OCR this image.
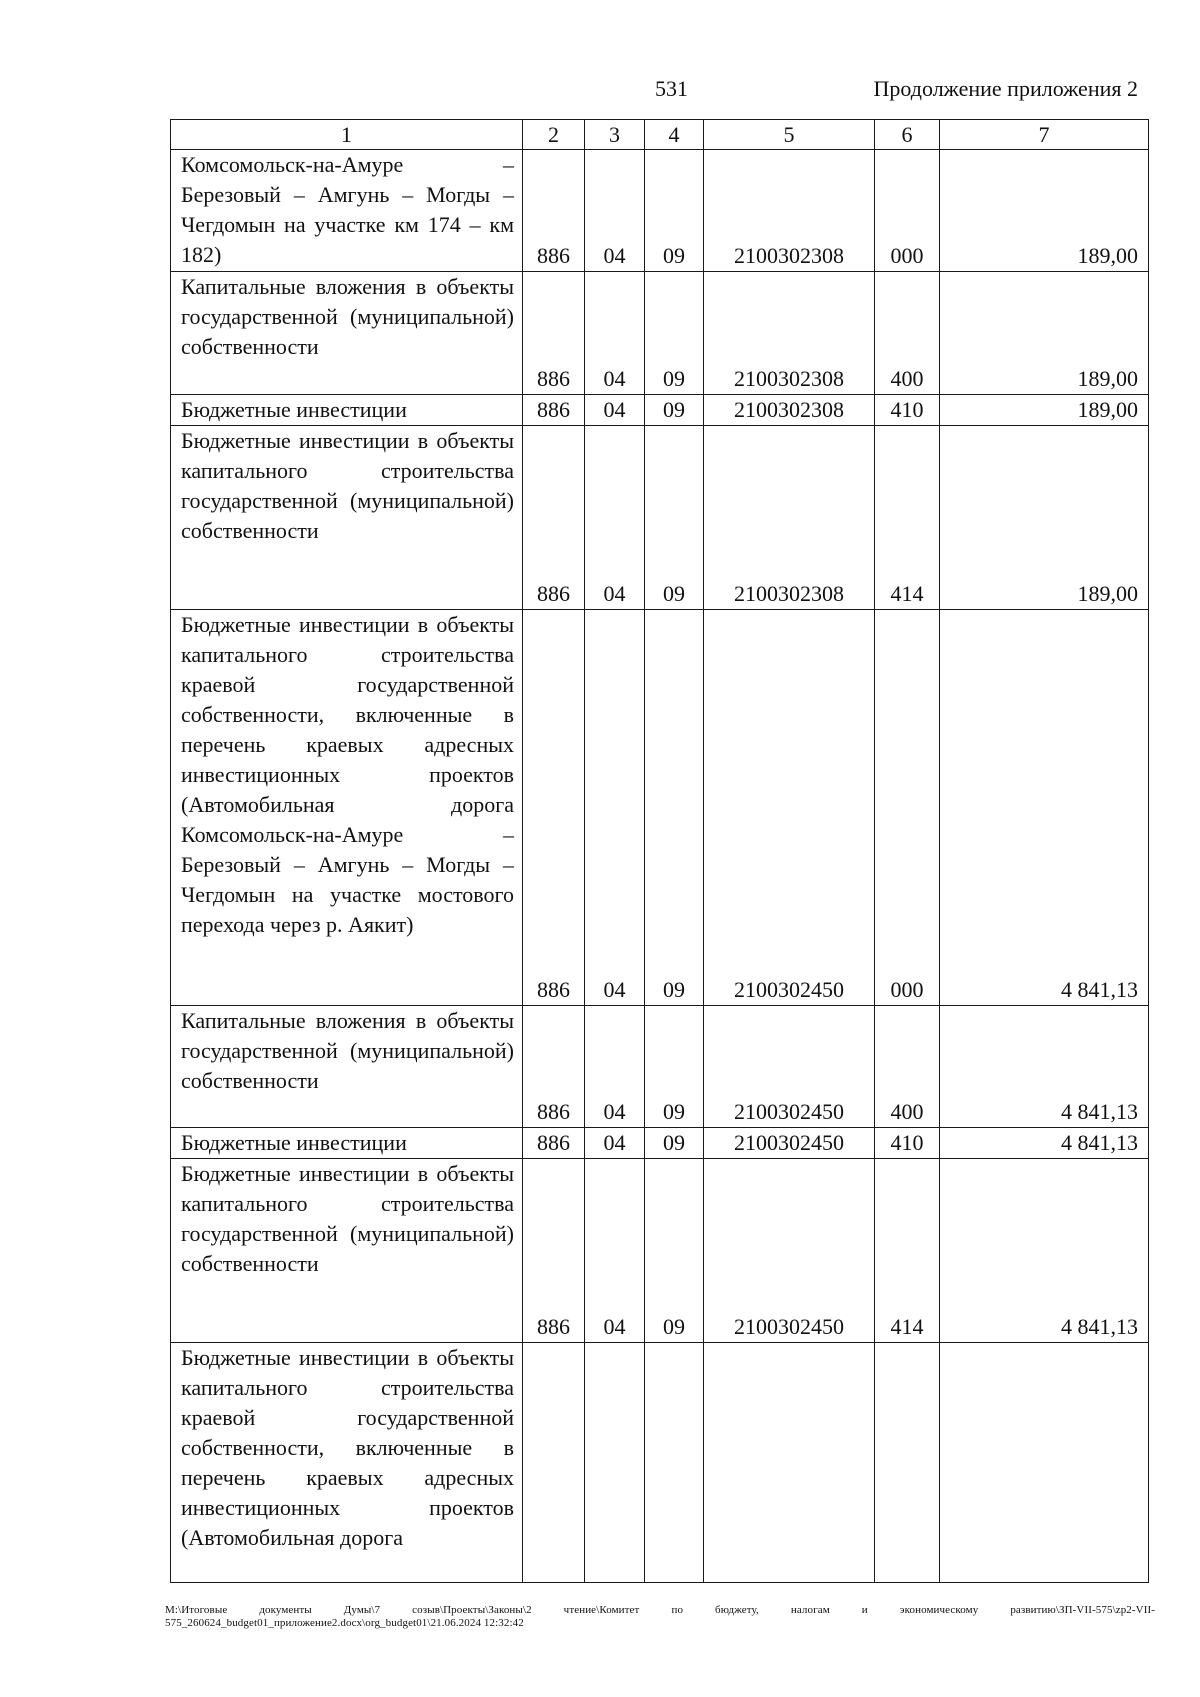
531	Продолжение приложения 2
1	2	3	4	5	6	7
Комсомольск-на-Амуре – Березовый – Амгунь – Могды – Чегдомын на участке км 174 – км 182)	886	04	09	2100302308	000	189,00
Капитальные вложения в объекты государственной (муниципальной) собственности	886	04	09	2100302308	400	189,00
Бюджетные инвестиции	886	04	09	2100302308	410	189,00
Бюджетные инвестиции в объекты капитального строительства государственной (муниципальной) собственности	886	04	09	2100302308	414	189,00
Бюджетные инвестиции в объекты капитального строительства краевой государственной собственности, включенные в перечень краевых адресных инвестиционных проектов (Автомобильная дорога Комсомольск-на-Амуре – Березовый – Амгунь – Могды – Чегдомын на участке мостового перехода через р. Аякит)	886	04	09	2100302450	000	4 841,13
Капитальные вложения в объекты государственной (муниципальной) собственности	886	04	09	2100302450	400	4 841,13
Бюджетные инвестиции	886	04	09	2100302450	410	4 841,13
Бюджетные инвестиции в объекты капитального строительства государственной (муниципальной) собственности	886	04	09	2100302450	414	4 841,13
Бюджетные инвестиции в объекты капитального строительства краевой государственной собственности, включенные в перечень краевых адресных инвестиционных проектов (Автомобильная дорога						
M:\Итоговые документы Думы\7 созыв\Проекты\Законы\2 чтение\Комитет по бюджету, налогам и экономическому развитию\ЗП-VII-575\zp2-VII-575_260624_budget01_приложение2.docx\org_budget01\21.06.2024 12:32:42
